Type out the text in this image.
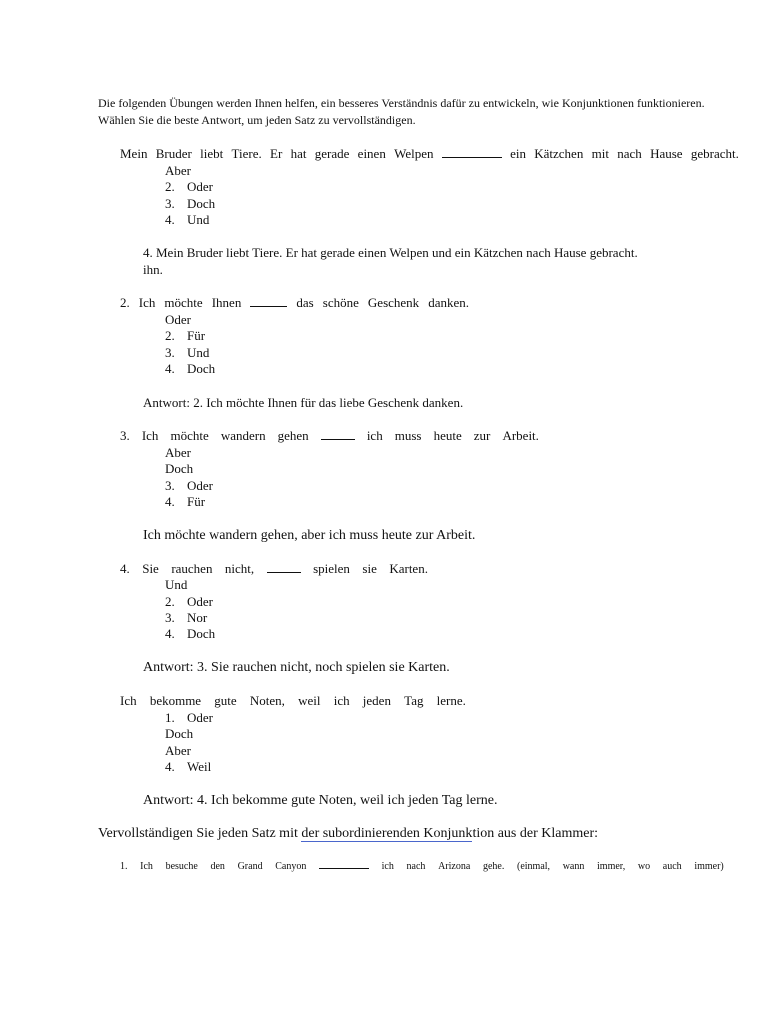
Die folgenden Übungen werden Ihnen helfen, ein besseres Verständnis dafür zu entwickeln, wie Konjunktionen funktionieren.
Wählen Sie die beste Antwort, um jeden Satz zu vervollständigen.
Mein Bruder liebt Tiere. Er hat gerade einen Welpen	ein Kätzchen mit nach Hause gebracht.
Aber
2. Oder
3. Doch
4. Und
4. Mein Bruder liebt Tiere. Er hat gerade einen Welpen und ein Kätzchen nach Hause gebracht.
ihn.
2. Ich möchte Ihnen	das schöne Geschenk danken.
Oder
2. Für
3. Und
4. Doch
Antwort: 2. Ich möchte Ihnen für das liebe Geschenk danken.
3. Ich möchte wandern gehen	ich muss heute zur Arbeit.
Aber
Doch
3. Oder
4. Für
Ich möchte wandern gehen, aber ich muss heute zur Arbeit.
4. Sie rauchen nicht,	spielen sie Karten.
Und
2. Oder
3. Nor
4. Doch
Antwort: 3. Sie rauchen nicht, noch spielen sie Karten.
Ich bekomme gute Noten, weil ich jeden Tag lerne.
1. Oder
Doch
Aber
4. Weil
Antwort: 4. Ich bekomme gute Noten, weil ich jeden Tag lerne.
Vervollständigen Sie jeden Satz mit der subordinierenden Konjunktion aus der Klammer:
1. Ich besuche den Grand Canyon	ich nach Arizona gehe. (einmal, wann immer, wo auch immer)
